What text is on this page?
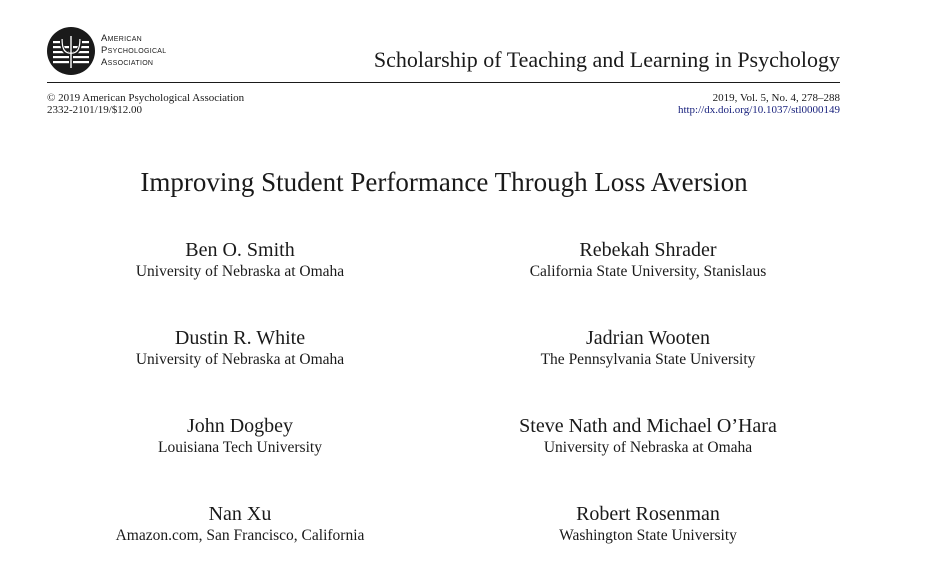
American
Psychological
Association	Scholarship of Teaching and Learning in Psychology
© 2019 American Psychological Association
2332-2101/19/$12.00
2019, Vol. 5, No. 4, 278–288
http://dx.doi.org/10.1037/stl0000149
Improving Student Performance Through Loss Aversion
Ben O. Smith
University of Nebraska at Omaha
Rebekah Shrader
California State University, Stanislaus
Dustin R. White
University of Nebraska at Omaha
Jadrian Wooten
The Pennsylvania State University
John Dogbey
Louisiana Tech University
Steve Nath and Michael O’Hara
University of Nebraska at Omaha
Nan Xu
Amazon.com, San Francisco, California
Robert Rosenman
Washington State University
